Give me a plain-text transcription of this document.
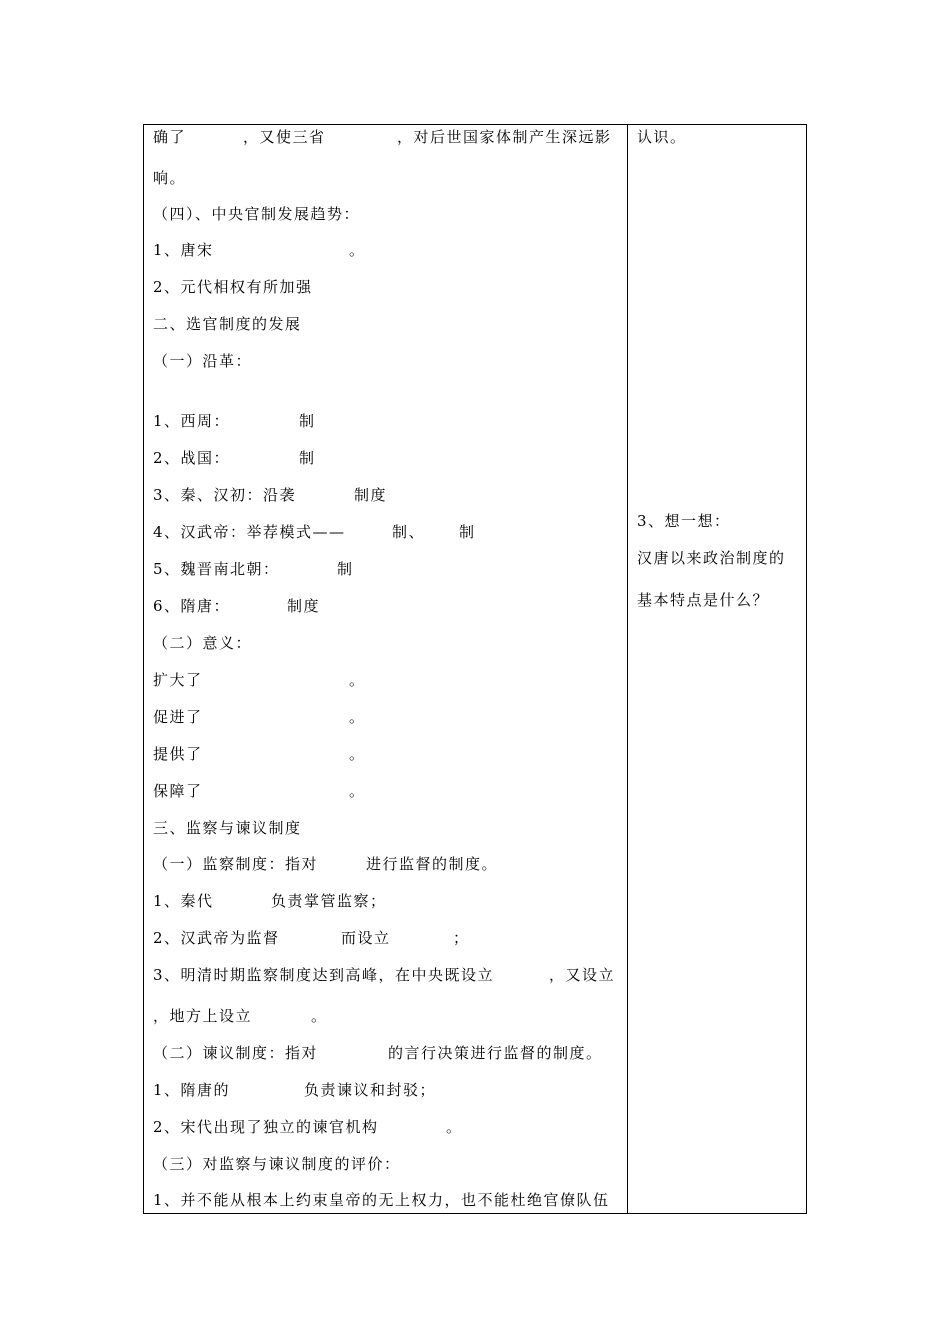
确了	，又使三省	，对后世国家体制产生深远影
响。
（四）、中央官制发展趋势：
1、唐宋	。
2、元代相权有所加强
二、选官制度的发展
（一）沿革：
1、西周：	制
2、战国：	制
3、秦、汉初：沿袭	制度
4、汉武帝：举荐模式——	制、 制
5、魏晋南北朝：	制
6、隋唐：	制度
（二）意义：
扩大了	。
促进了	。
提供了	。
保障了	。
三、监察与谏议制度
（一）监察制度：指对	进行监督的制度。
1、秦代	负责掌管监察；
2、汉武帝为监督	而设立	；
3、明清时期监察制度达到高峰，在中央既设立	，又设立
，地方上设立	。
（二）谏议制度：指对	的言行决策进行监督的制度。
1、隋唐的	负责谏议和封驳；
2、宋代出现了独立的谏官机构	。
（三）对监察与谏议制度的评价：
1、并不能从根本上约束皇帝的无上权力，也不能杜绝官僚队伍
认识。
3、想一想：
汉唐以来政治制度的
基本特点是什么？
